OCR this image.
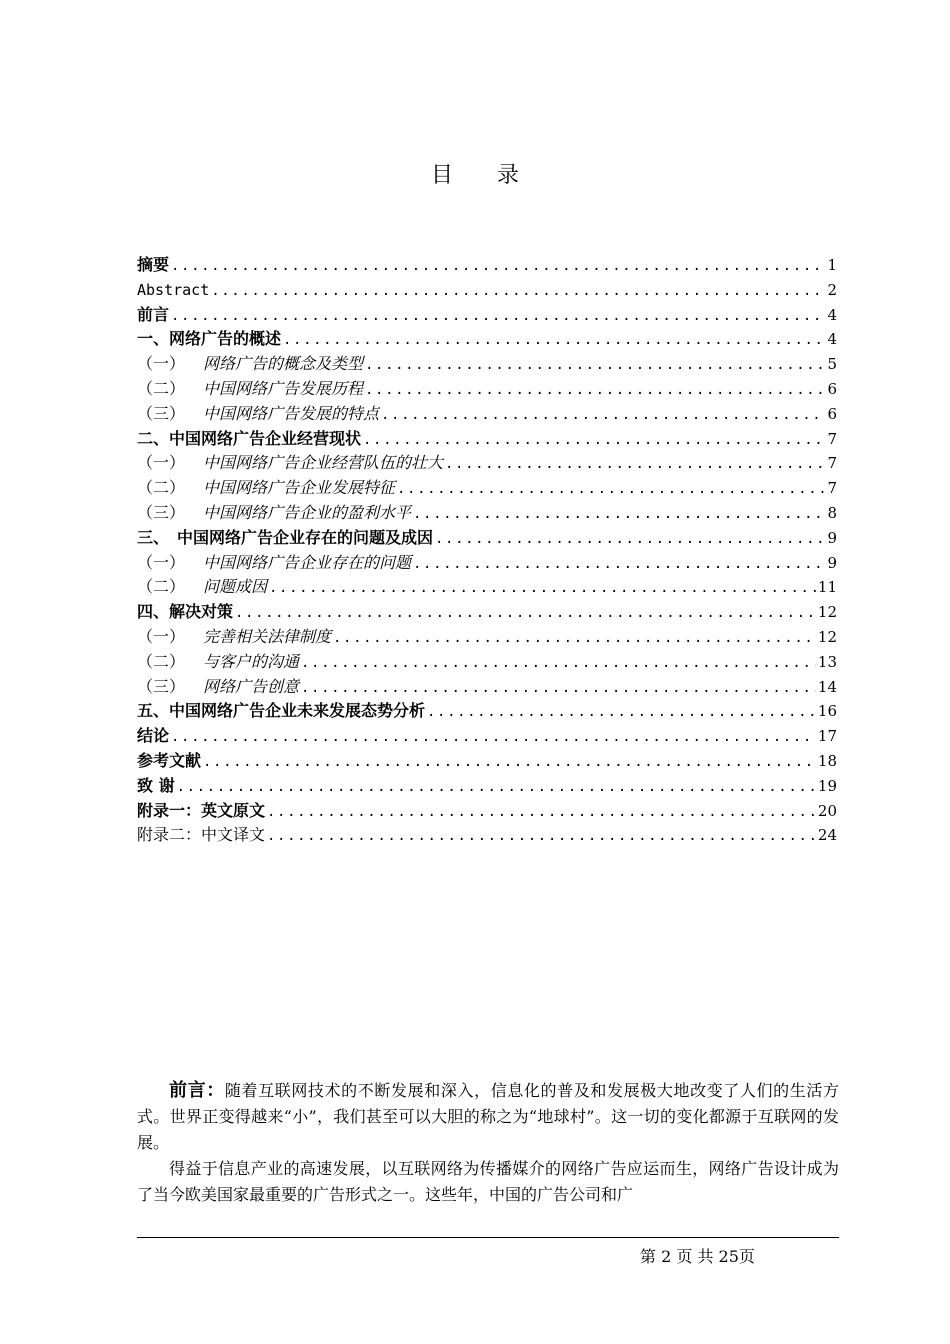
目 录
摘要 .....	1
Abstract .....	2
前言 .....	4
一、网络广告的概述 .....	4
（一） 网络广告的概念及类型 .....	5
（二） 中国网络广告发展历程 .....	6
（三） 中国网络广告发展的特点 .....	6
二、中国网络广告企业经营现状 .....	7
（一） 中国网络广告企业经营队伍的壮大 .....	7
（二） 中国网络广告企业发展特征 .....	7
（三） 中国网络广告企业的盈利水平 .....	8
三、　中国网络广告企业存在的问题及成因 .....	9
（一） 中国网络广告企业存在的问题 .....	9
（二） 问题成因 .....	11
四、解决对策 .....	12
（一） 完善相关法律制度 .....	12
（二） 与客户的沟通 .....	13
（三） 网络广告创意 .....	14
五、中国网络广告企业未来发展态势分析 .....	16
结论 .....	17
参考文献 .....	18
致 谢 .....	19
附录一：英文原文 .....	20
附录二：中文译文 .....	24

前言：随着互联网技术的不断发展和深入，信息化的普及和发展极大地改变了人们的生活方式。世界正变得越来“小”，我们甚至可以大胆的称之为“地球村”。这一切的变化都源于互联网的发展。

得益于信息产业的高速发展，以互联网络为传播媒介的网络广告应运而生，网络广告设计成为了当今欧美国家最重要的广告形式之一。这些年，中国的广告公司和广

第 2 页 共 25页
